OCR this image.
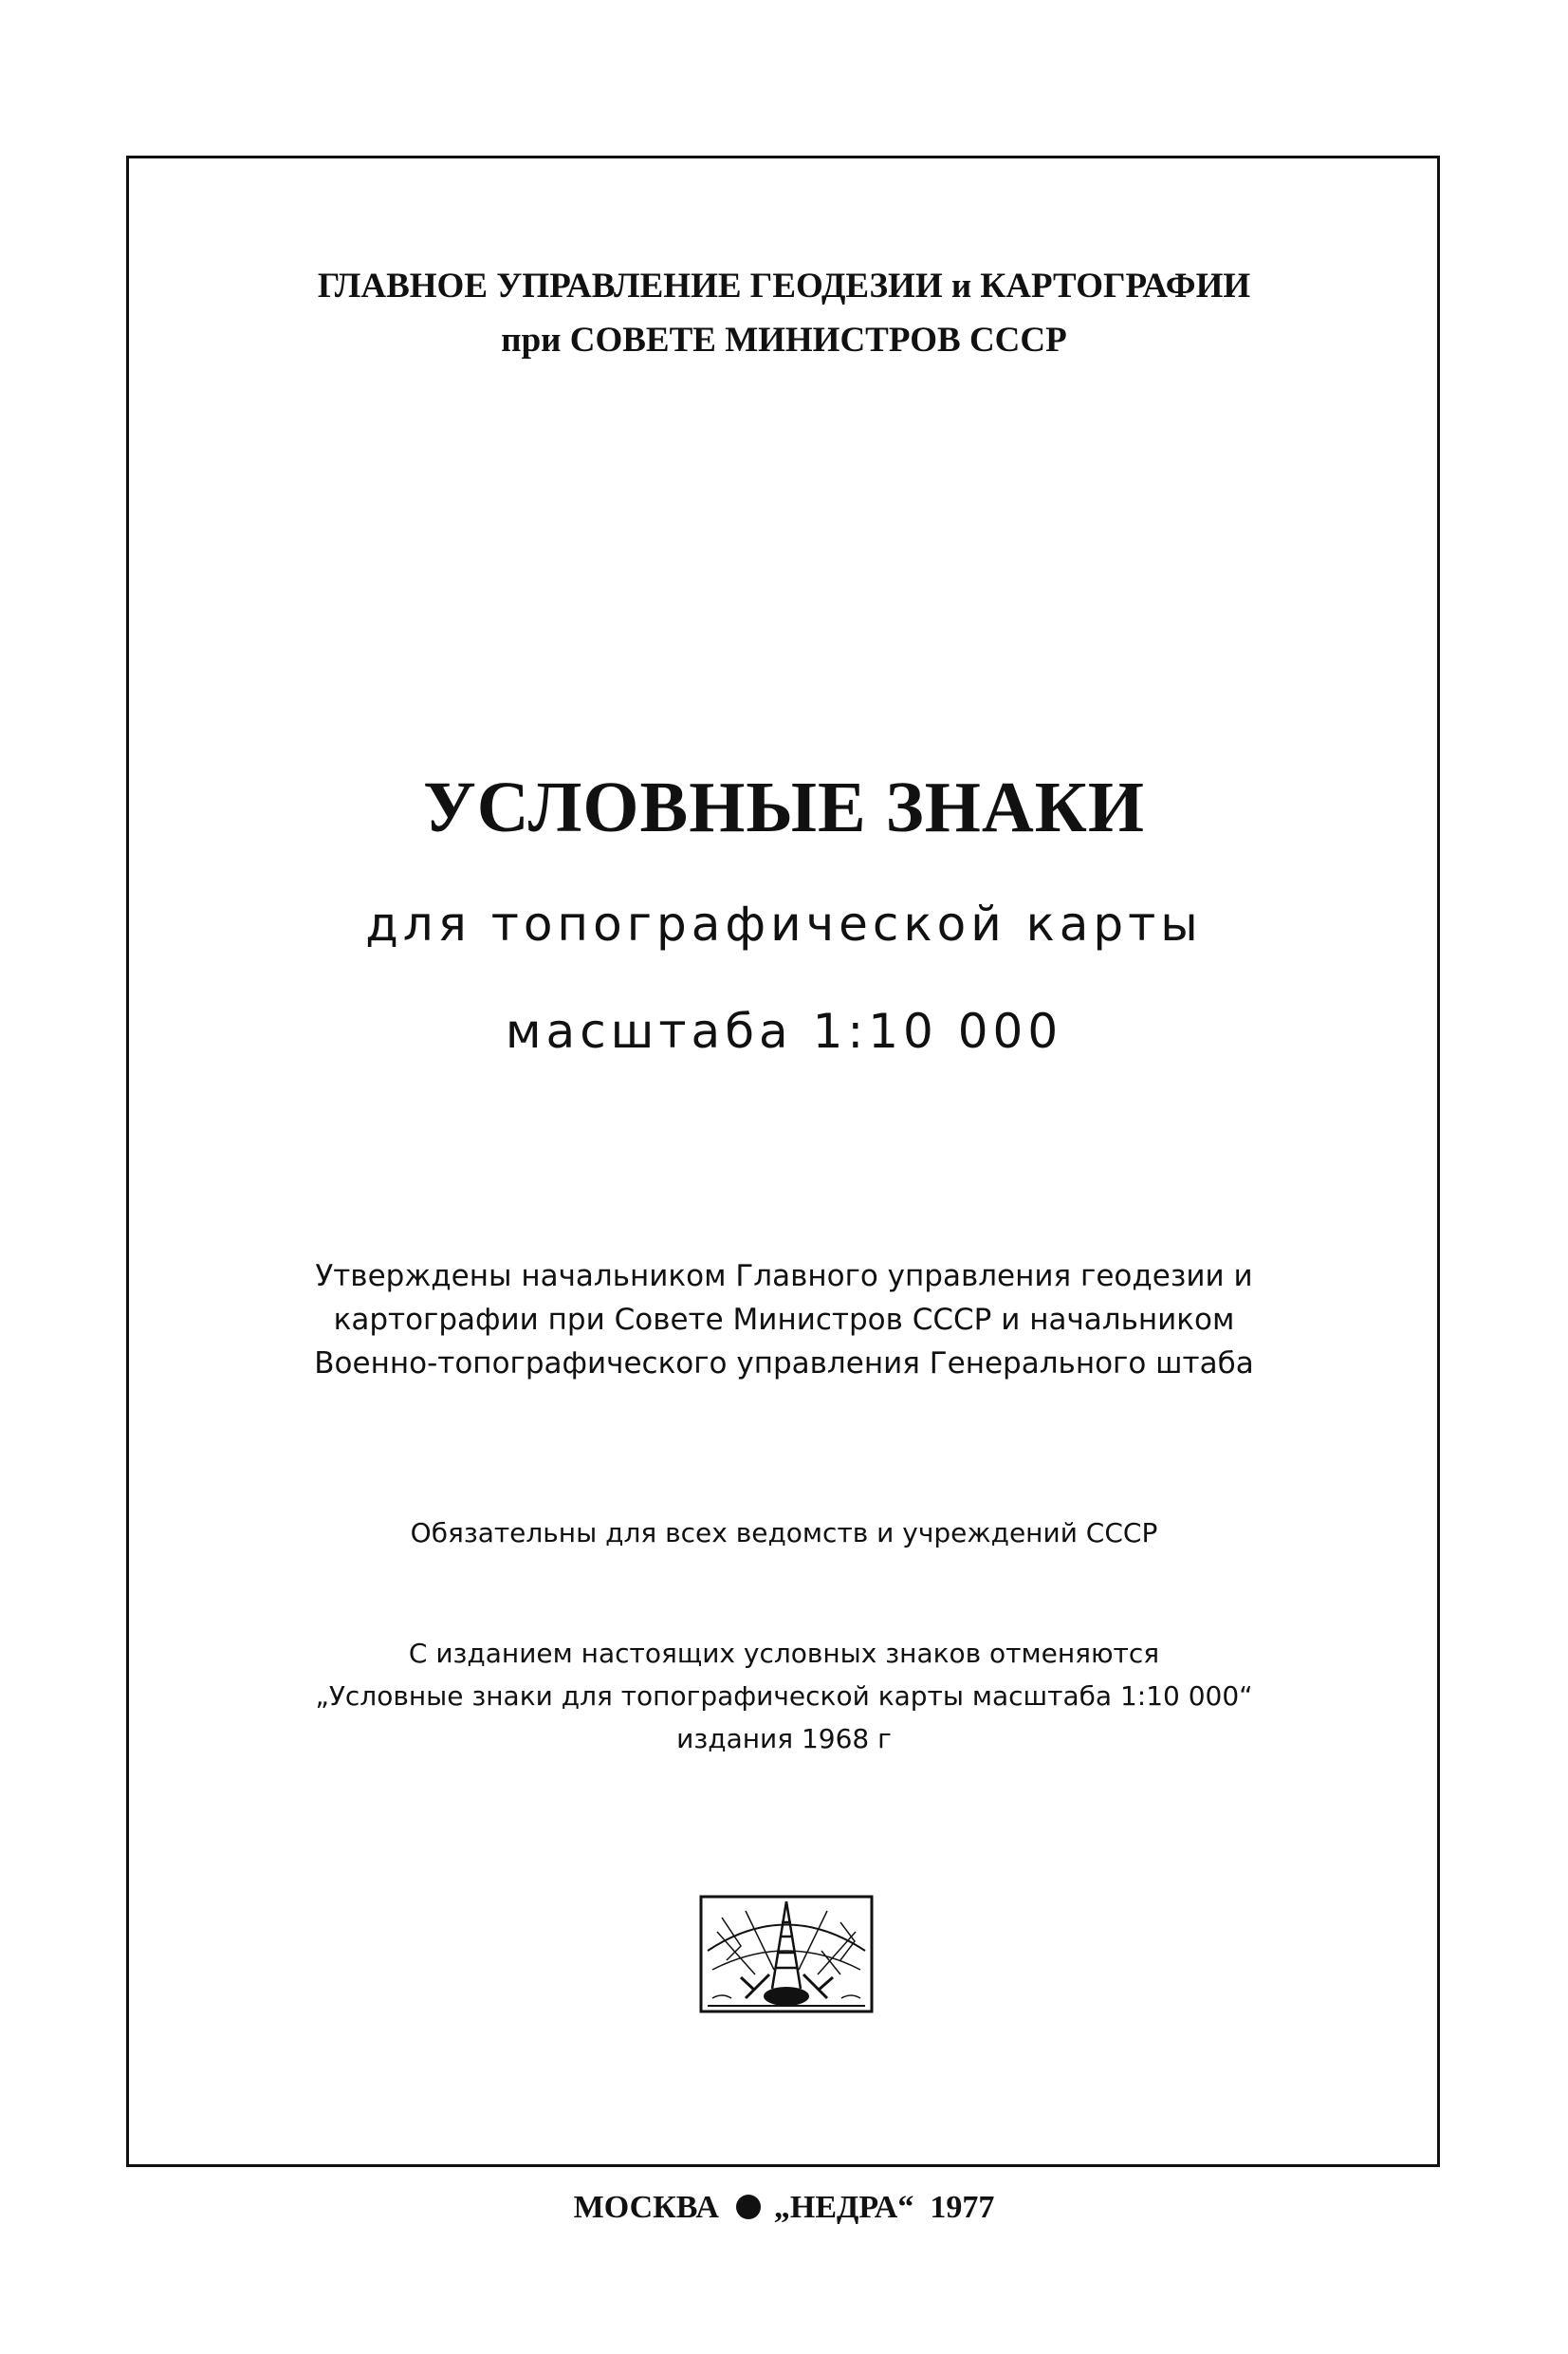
ГЛАВНОЕ УПРАВЛЕНИЕ ГЕОДЕЗИИ и КАРТОГРАФИИ

при СОВЕТЕ МИНИСТРОВ СССР

УСЛОВНЫЕ ЗНАКИ

для топографической карты

масштаба 1:10 000

Утверждены начальником Главного управления геодезии и

картографии при Совете Министров СССР и начальником

Военно-топографического управления Генерального штаба

Обязательны для всех ведомств и учреждений СССР

С изданием настоящих условных знаков отменяются

„Условные знаки для топографической карты масштаба 1:10 000“

издания 1968 г

МОСКВА „НЕДРА“ 1977
